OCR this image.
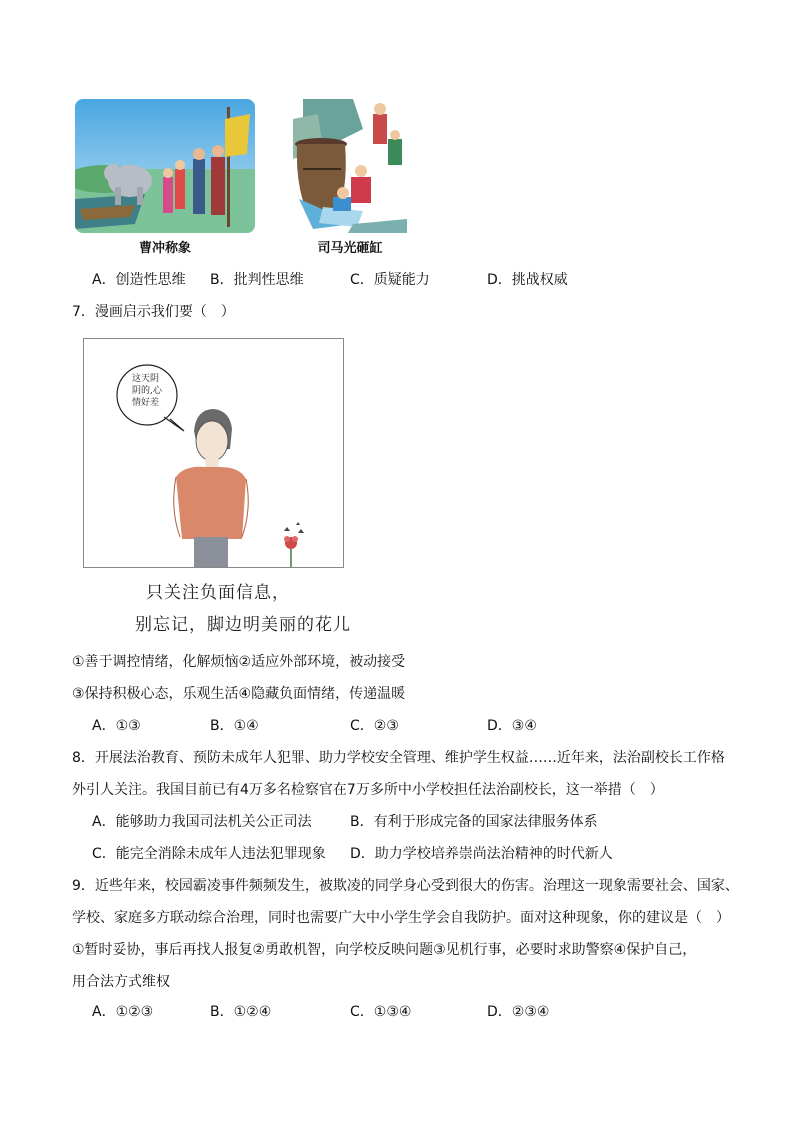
曹冲称象	司马光砸缸
A．创造性思维 B．批判性思维	C．质疑能力	D．挑战权威
7．漫画启示我们要（　）
这天阴
阴的,心
情好差
只关注负面信息，
别忘记，脚边明美丽的花儿
①善于调控情绪，化解烦恼②适应外部环境，被动接受
③保持积极心态，乐观生活④隐藏负面情绪，传递温暖
A．①③	B．①④	C．②③	D．③④
8．开展法治教育、预防未成年人犯罪、助力学校安全管理、维护学生权益……近年来，法治副校长工作格
外引人关注。我国目前已有4万多名检察官在7万多所中小学校担任法治副校长，这一举措（　）
A．能够助力我国司法机关公正司法	B．有利于形成完备的国家法律服务体系
C．能完全消除未成年人违法犯罪现象 D．助力学校培养崇尚法治精神的时代新人
9．近些年来，校园霸凌事件频频发生，被欺凌的同学身心受到很大的伤害。治理这一现象需要社会、国家、
学校、家庭多方联动综合治理，同时也需要广大中小学生学会自我防护。面对这种现象，你的建议是（　）
①暂时妥协，事后再找人报复②勇敢机智，向学校反映问题③见机行事，必要时求助警察④保护自己，
用合法方式维权
A．①②③	B．①②④	C．①③④	D．②③④
